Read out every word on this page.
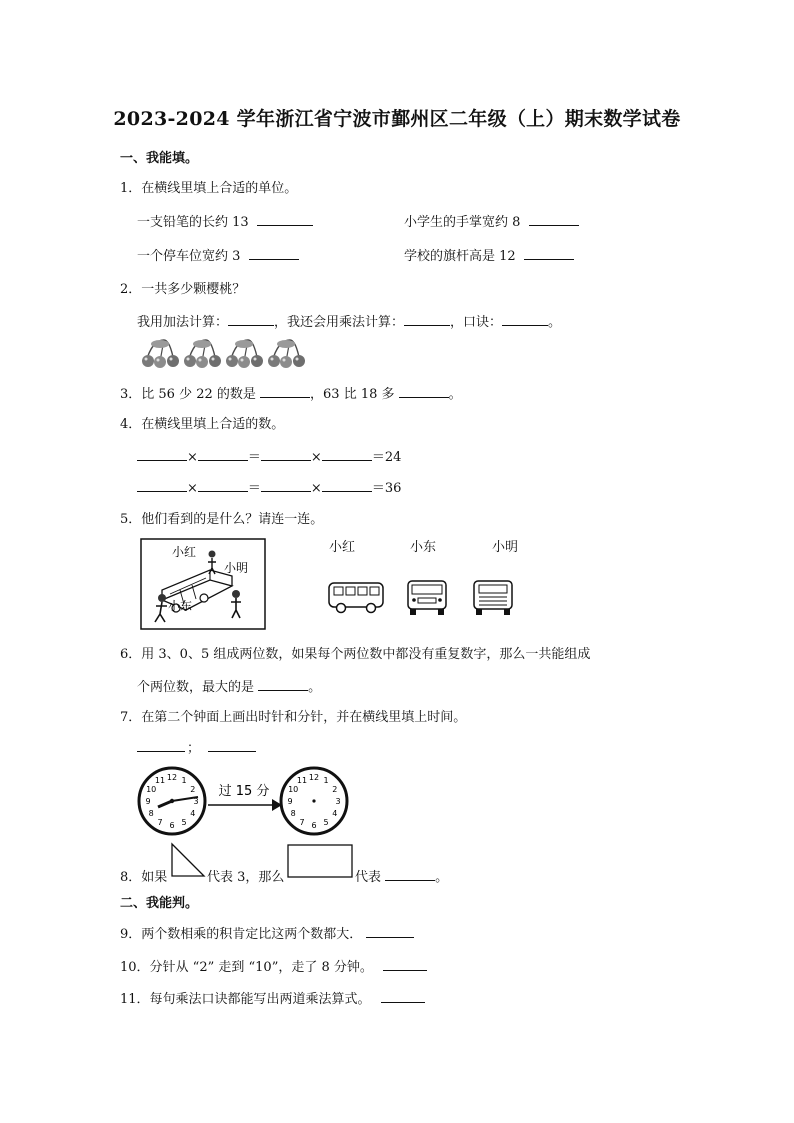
2023-2024 学年浙江省宁波市鄞州区二年级（上）期末数学试卷
一、我能填。
1．在横线里填上合适的单位。
一支铅笔的长约 13	小学生的手掌宽约 8
一个停车位宽约 3	学校的旗杆高是 12
2．一共多少颗樱桃？
我用加法计算：	，我还会用乘法计算：	，口诀：	。
3．比 56 少 22 的数是	，63 比 18 多	。
4．在横线里填上合适的数。
×	＝	×	＝24
×	＝	×	＝36
5．他们看到的是什么？请连一连。
小红
小明
小东
小红	小东	小明
6．用 3、0、5 组成两位数，如果每个两位数中都没有重复数字，那么一共能组成
个两位数，最大的是	。
7．在第二个钟面上画出时针和分针，并在横线里填上时间。
；
12 1
2
3
4
5
6
7
8
9
10
11
过 15 分
12 1
2
3
4
5
6
7
8
9
10
11
8．如果	代表 3，那么	代表	。
二、我能判。
9．两个数相乘的积肯定比这两个数都大．
10．分针从 “2” 走到 “10”，走了 8 分钟。
11．每句乘法口诀都能写出两道乘法算式。
